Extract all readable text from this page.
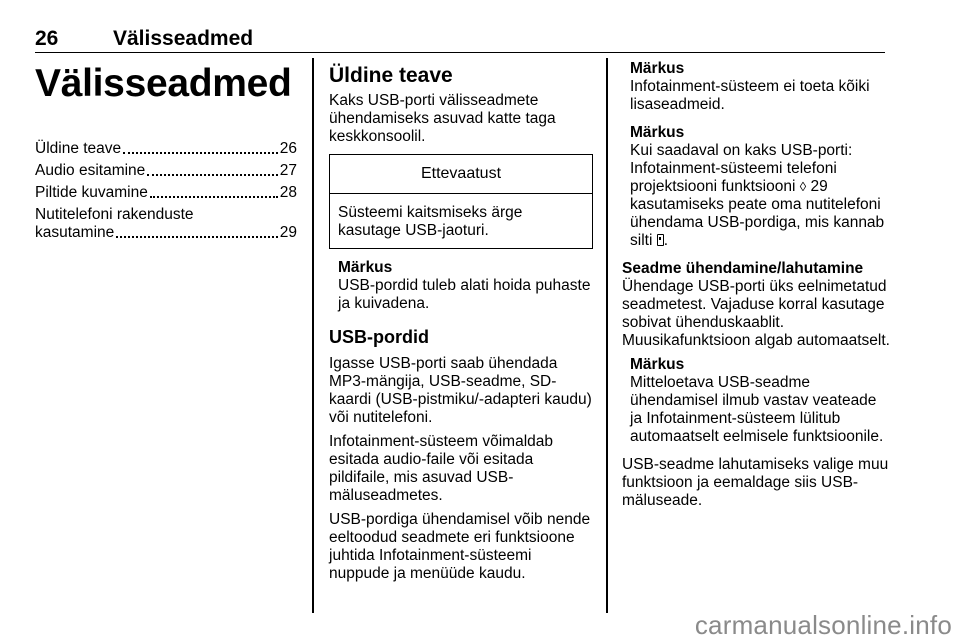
26	Välisseadmed
Välisseadmed
Üldine teave	26
Audio esitamine	27
Piltide kuvamine	28
Nutitelefoni rakenduste
kasutamine	29
Üldine teave

Kaks USB-porti välisseadmete ühendamiseks asuvad katte taga keskkonsoolil.

Ettevaatust
Süsteemi kaitsmiseks ärge kasutage USB-jaoturi.
Märkus
USB-pordid tuleb alati hoida puhaste ja kuivadena.
USB-pordid

Igasse USB-porti saab ühendada MP3-mängija, USB-seadme, SD-kaardi (USB-pistmiku/-adapteri kaudu) või nutitelefoni.

Infotainment-süsteem võimaldab esitada audio-faile või esitada pildifaile, mis asuvad USB-mäluseadmetes.

USB-pordiga ühendamisel võib nende eeltoodud seadmete eri funktsioone juhtida Infotainment-süsteemi nuppude ja menüüde kaudu.

Märkus
Infotainment-süsteem ei toeta kõiki lisaseadmeid.
Märkus
Kui saadaval on kaks USB-porti: Infotainment-süsteemi telefoni projektsiooni funktsiooni ◊ 29 kasutamiseks peate oma nutitelefoni ühendama USB-pordiga, mis kannab silti .
Seadme ühendamine/lahutamine

Ühendage USB-porti üks eelnimetatud seadmetest. Vajaduse korral kasutage sobivat ühenduskaablit. Muusikafunktsioon algab automaatselt.

Märkus
Mitteloetava USB-seadme ühendamisel ilmub vastav veateade ja Infotainment-süsteem lülitub automaatselt eelmisele funktsioonile.

USB-seadme lahutamiseks valige muu funktsioon ja eemaldage siis USB-mäluseade.

carmanualsonline.info
